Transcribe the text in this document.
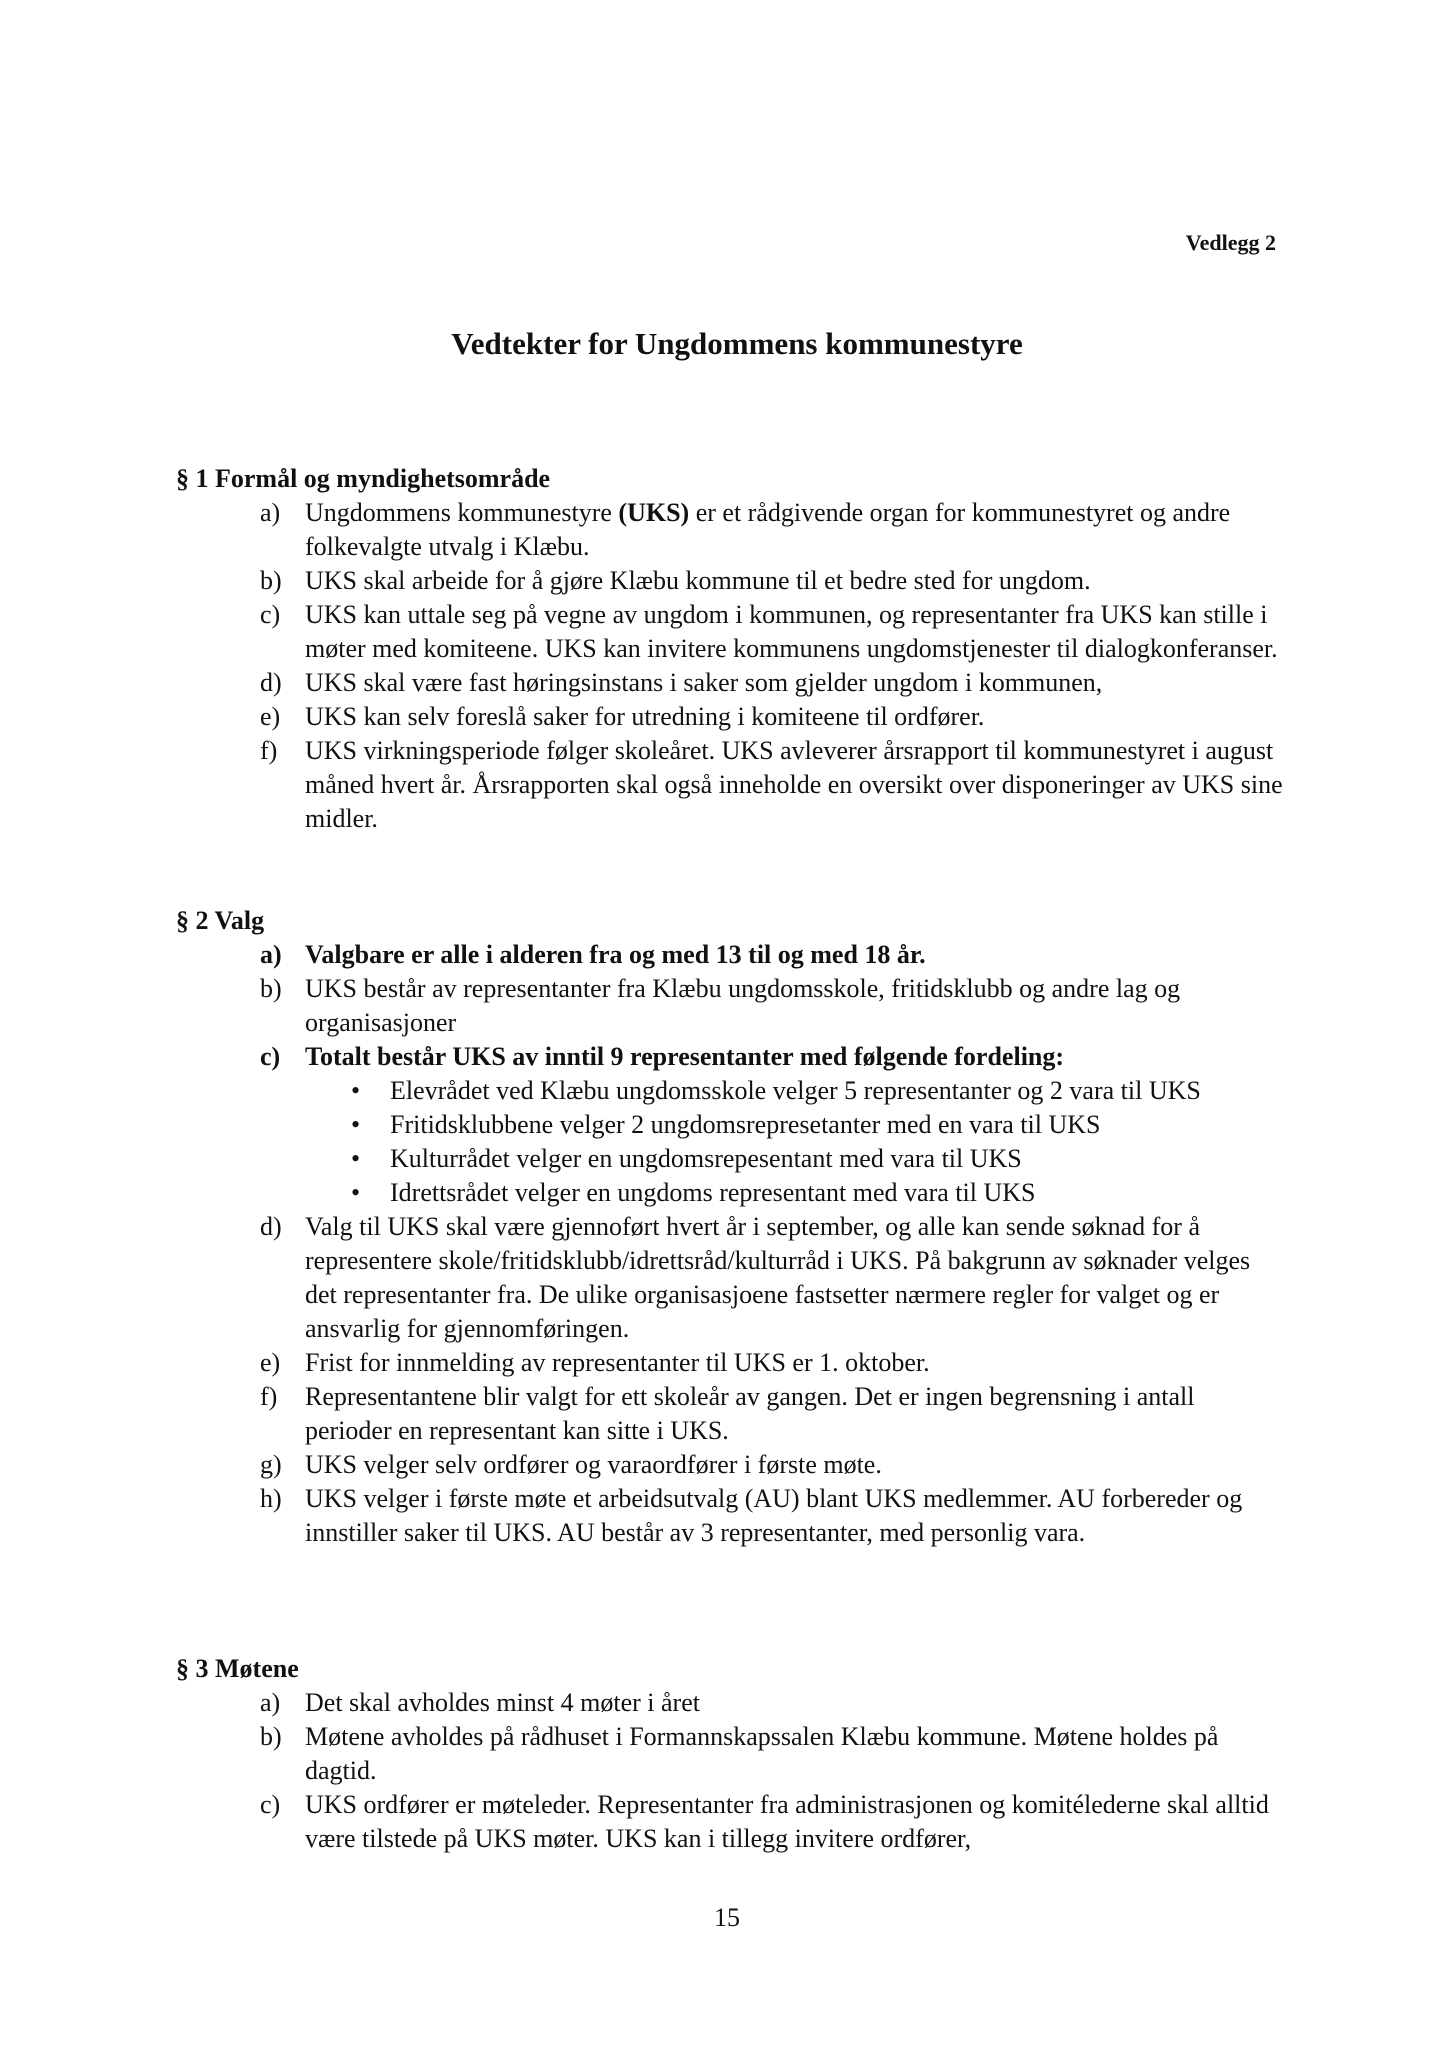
Vedlegg 2
Vedtekter for Ungdommens kommunestyre

§ 1 Formål og myndighetsområde

a) Ungdommens kommunestyre (UKS) er et rådgivende organ for kommunestyret og andre folkevalgte utvalg i Klæbu.
b) UKS skal arbeide for å gjøre Klæbu kommune til et bedre sted for ungdom.
c) UKS kan uttale seg på vegne av ungdom i kommunen, og representanter fra UKS kan stille i møter med komiteene. UKS kan invitere kommunens ungdomstjenester til dialogkonferanser.
d) UKS skal være fast høringsinstans i saker som gjelder ungdom i kommunen,
e) UKS kan selv foreslå saker for utredning i komiteene til ordfører.
f)	UKS virkningsperiode følger skoleåret. UKS avleverer årsrapport til kommunestyret i august måned hvert år. Årsrapporten skal også inneholde en oversikt over disponeringer av UKS sine midler.

§ 2 Valg

a) Valgbare er alle i alderen fra og med 13 til og med 18 år.
b) UKS består av representanter fra Klæbu ungdomsskole, fritidsklubb og andre lag og organisasjoner
c) Totalt består UKS av inntil 9 representanter med følgende fordeling:
• Elevrådet ved Klæbu ungdomsskole velger 5 representanter og 2 vara til UKS
• Fritidsklubbene velger 2 ungdomsrepresetanter med en vara til UKS
• Kulturrådet velger en ungdomsrepesentant med vara til UKS
• Idrettsrådet velger en ungdoms representant med vara til UKS
d) Valg til UKS skal være gjennoført hvert år i september, og alle kan sende søknad for å representere skole/fritidsklubb/idrettsråd/kulturråd i UKS. På bakgrunn av søknader velges det representanter fra. De ulike organisasjoene fastsetter nærmere regler for valget og er ansvarlig for gjennomføringen.
e) Frist for innmelding av representanter til UKS er 1. oktober.
f)	Representantene blir valgt for ett skoleår av gangen. Det er ingen begrensning i antall perioder en representant kan sitte i UKS.
g) UKS velger selv ordfører og varaordfører i første møte.
h) UKS velger i første møte et arbeidsutvalg (AU) blant UKS medlemmer. AU forbereder og innstiller saker til UKS. AU består av 3 representanter, med personlig vara.

§ 3 Møtene

a) Det skal avholdes minst 4 møter i året
b) Møtene avholdes på rådhuset i Formannskapssalen Klæbu kommune. Møtene holdes på dagtid.
c) UKS ordfører er møteleder. Representanter fra administrasjonen og komitélederne skal alltid være tilstede på UKS møter. UKS kan i tillegg invitere ordfører,
15
